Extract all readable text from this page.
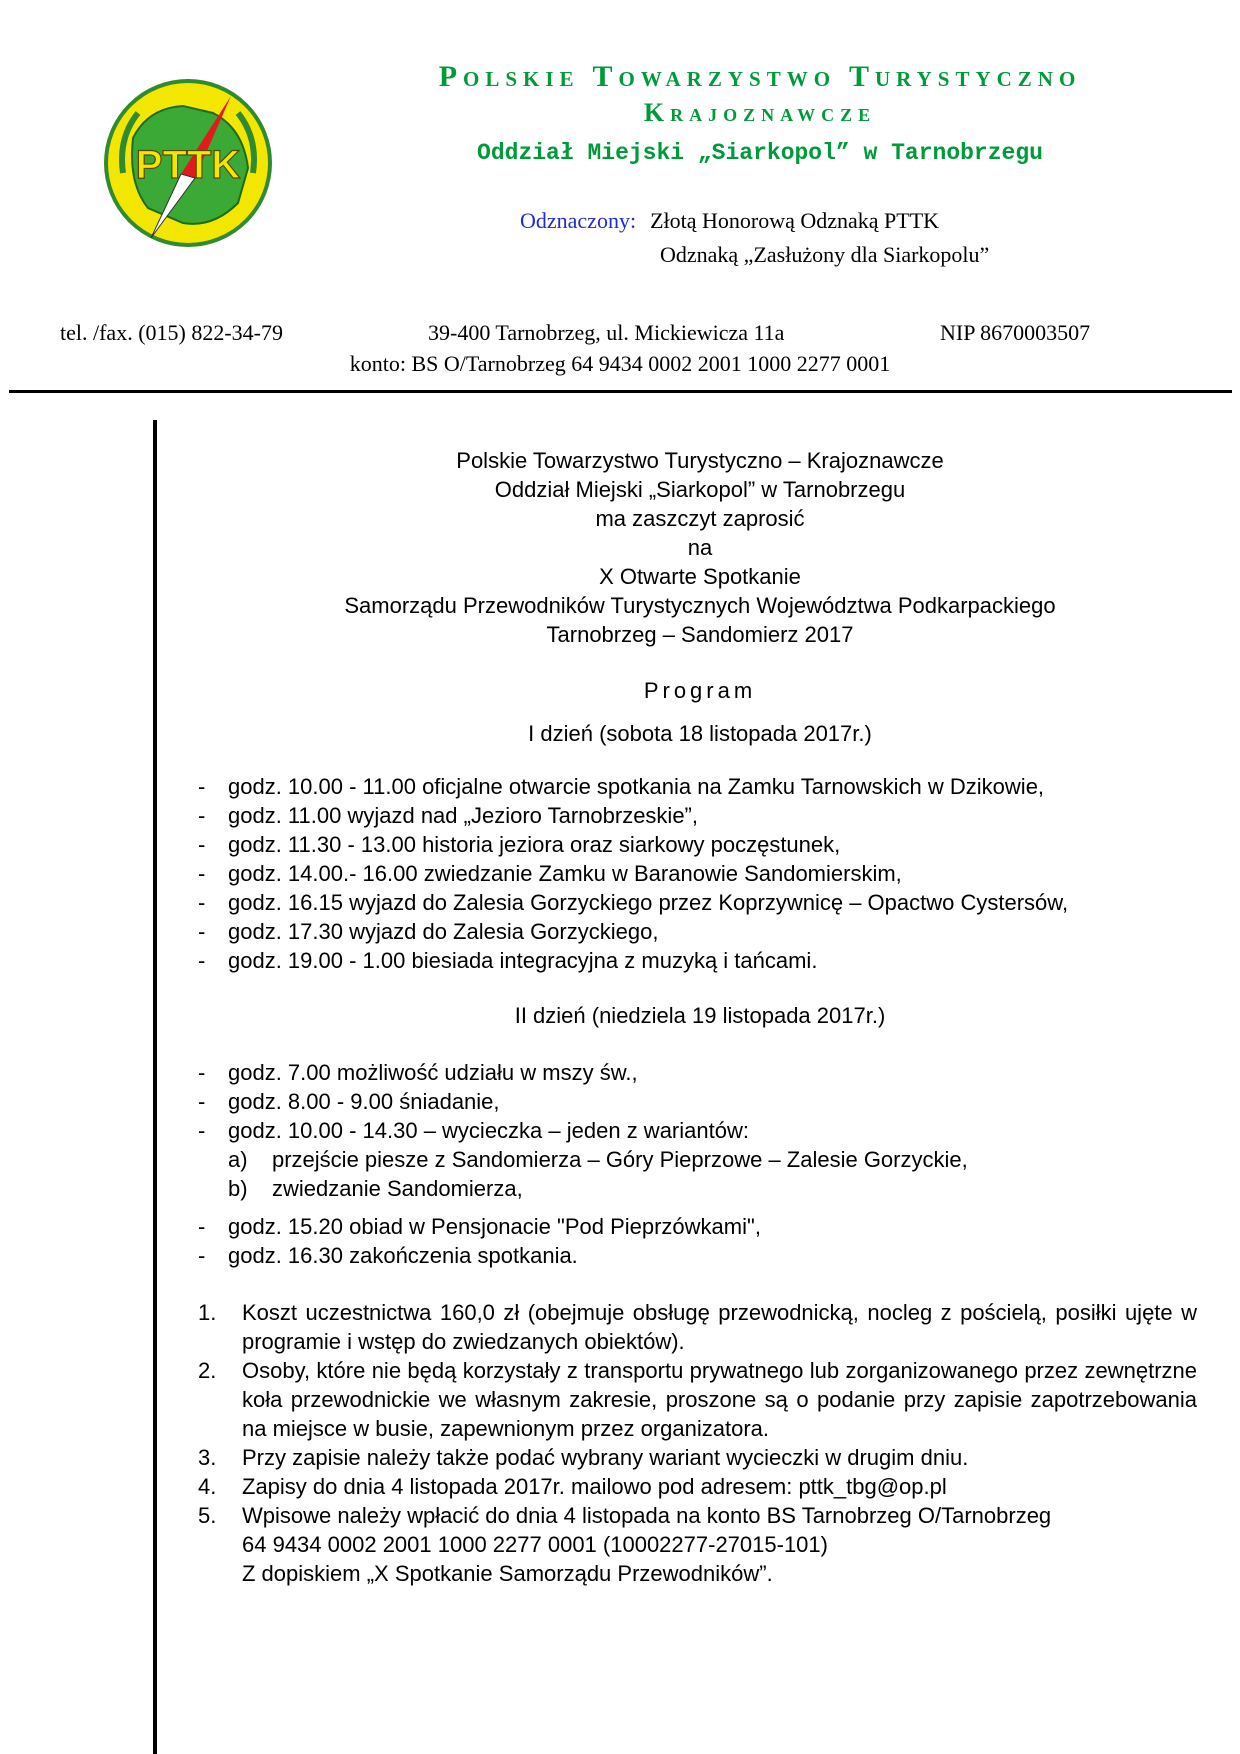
PTTK
Polskie Towarzystwo Turystyczno
Krajoznawcze
Oddział Miejski „Siarkopol” w Tarnobrzegu
Odznaczony: Złotą Honorową Odznaką PTTK
Odznaką „Zasłużony dla Siarkopolu”
tel. /fax. (015) 822-34-79	39-400 Tarnobrzeg, ul. Mickiewicza 11a	NIP 8670003507
konto: BS O/Tarnobrzeg 64 9434 0002 2001 1000 2277 0001
Polskie Towarzystwo Turystyczno – Krajoznawcze
Oddział Miejski „Siarkopol” w Tarnobrzegu
ma zaszczyt zaprosić
na
X Otwarte Spotkanie
Samorządu Przewodników Turystycznych Województwa Podkarpackiego
Tarnobrzeg – Sandomierz 2017
Program
I dzień (sobota 18 listopada 2017r.)
- godz. 10.00 - 11.00 oficjalne otwarcie spotkania na Zamku Tarnowskich w Dzikowie,
- godz. 11.00 wyjazd nad „Jezioro Tarnobrzeskie”,
- godz. 11.30 - 13.00 historia jeziora oraz siarkowy poczęstunek,
- godz. 14.00.- 16.00 zwiedzanie Zamku w Baranowie Sandomierskim,
- godz. 16.15 wyjazd do Zalesia Gorzyckiego przez Koprzywnicę – Opactwo Cystersów,
- godz. 17.30 wyjazd do Zalesia Gorzyckiego,
- godz. 19.00 - 1.00 biesiada integracyjna z muzyką i tańcami.
II dzień (niedziela 19 listopada 2017r.)
- godz. 7.00 możliwość udziału w mszy św.,
- godz. 8.00 - 9.00 śniadanie,
- godz. 10.00 - 14.30 – wycieczka – jeden z wariantów:
a) przejście piesze z Sandomierza – Góry Pieprzowe – Zalesie Gorzyckie,
b) zwiedzanie Sandomierza,
- godz. 15.20 obiad w Pensjonacie "Pod Pieprzówkami",
- godz. 16.30 zakończenia spotkania.
1. Koszt uczestnictwa 160,0 zł (obejmuje obsługę przewodnicką, nocleg z pościelą, posiłki ujęte w programie i wstęp do zwiedzanych obiektów).
2. Osoby, które nie będą korzystały z transportu prywatnego lub zorganizowanego przez zewnętrzne koła przewodnickie we własnym zakresie, proszone są o podanie przy zapisie zapotrzebowania na miejsce w busie, zapewnionym przez organizatora.
3. Przy zapisie należy także podać wybrany wariant wycieczki w drugim dniu.
4. Zapisy do dnia 4 listopada 2017r. mailowo pod adresem: pttk_tbg@op.pl
5. Wpisowe należy wpłacić do dnia 4 listopada na konto BS Tarnobrzeg O/Tarnobrzeg
64 9434 0002 2001 1000 2277 0001 (10002277-27015-101)
Z dopiskiem „X Spotkanie Samorządu Przewodników”.
